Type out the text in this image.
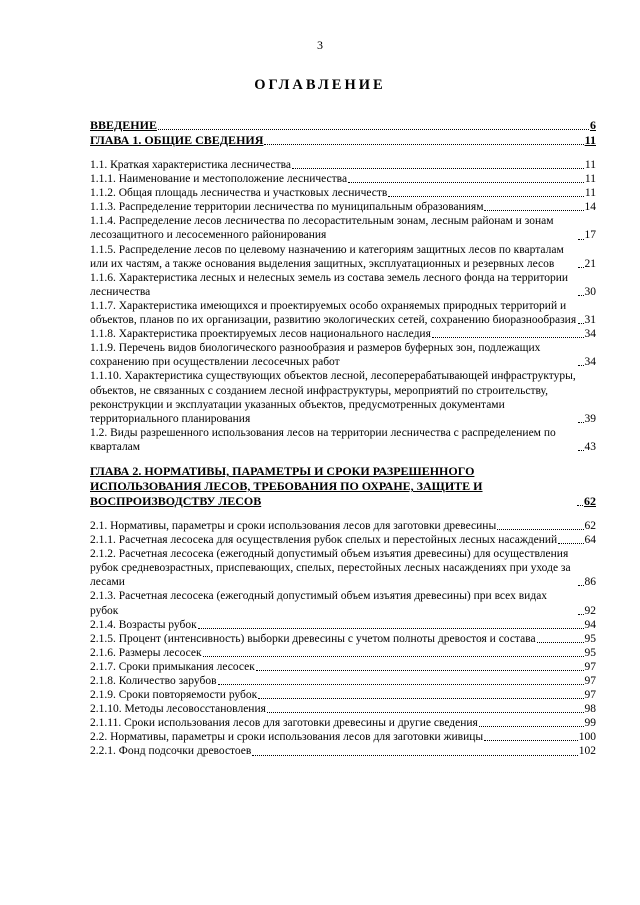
3
ОГЛАВЛЕНИЕ
ВВЕДЕНИЕ	6
ГЛАВА 1. ОБЩИЕ СВЕДЕНИЯ	11
1.1. Краткая характеристика лесничества	11
1.1.1. Наименование и местоположение лесничества	11
1.1.2. Общая площадь лесничества и участковых лесничеств	11
1.1.3. Распределение территории лесничества по муниципальным образованиям	14
1.1.4. Распределение лесов лесничества по лесорастительным зонам, лесным районам и зонам лесозащитного и лесосеменного районирования	17
1.1.5. Распределение лесов по целевому назначению и категориям защитных лесов по кварталам или их частям, а также основания выделения защитных, эксплуатационных и резервных лесов	21
1.1.6. Характеристика лесных и нелесных земель из состава земель лесного фонда на территории лесничества	30
1.1.7. Характеристика имеющихся и проектируемых особо охраняемых природных территорий и объектов, планов по их организации, развитию экологических сетей, сохранению биоразнообразия 31
1.1.8. Характеристика проектируемых лесов национального наследия	34
1.1.9. Перечень видов биологического разнообразия и размеров буферных зон, подлежащих сохранению при осуществлении лесосечных работ	34
1.1.10. Характеристика существующих объектов лесной, лесоперерабатывающей инфраструктуры, объектов, не связанных с созданием лесной инфраструктуры, мероприятий по строительству, реконструкции и эксплуатации указанных объектов, предусмотренных документами территориального планирования	39
1.2. Виды разрешенного использования лесов на территории лесничества с распределением по кварталам	43
ГЛАВА 2. НОРМАТИВЫ, ПАРАМЕТРЫ И СРОКИ РАЗРЕШЕННОГО ИСПОЛЬЗОВАНИЯ ЛЕСОВ, ТРЕБОВАНИЯ ПО ОХРАНЕ, ЗАЩИТЕ И ВОСПРОИЗВОДСТВУ ЛЕСОВ	62
2.1. Нормативы, параметры и сроки использования лесов для заготовки древесины	62
2.1.1. Расчетная лесосека для осуществления рубок спелых и перестойных лесных насаждений 64
2.1.2. Расчетная лесосека (ежегодный допустимый объем изъятия древесины) для осуществления рубок средневозрастных, приспевающих, спелых, перестойных лесных насаждениях при уходе за лесами	86
2.1.3. Расчетная лесосека (ежегодный допустимый объем изъятия древесины) при всех видах рубок	92
2.1.4. Возрасты рубок	94
2.1.5. Процент (интенсивность) выборки древесины с учетом полноты древостоя и состава	95
2.1.6. Размеры лесосек	95
2.1.7. Сроки примыкания лесосек	97
2.1.8. Количество зарубов	97
2.1.9. Сроки повторяемости рубок	97
2.1.10. Методы лесовосстановления	98
2.1.11. Сроки использования лесов для заготовки древесины и другие сведения	99
2.2. Нормативы, параметры и сроки использования лесов для заготовки живицы	100
2.2.1. Фонд подсочки древостоев	102
